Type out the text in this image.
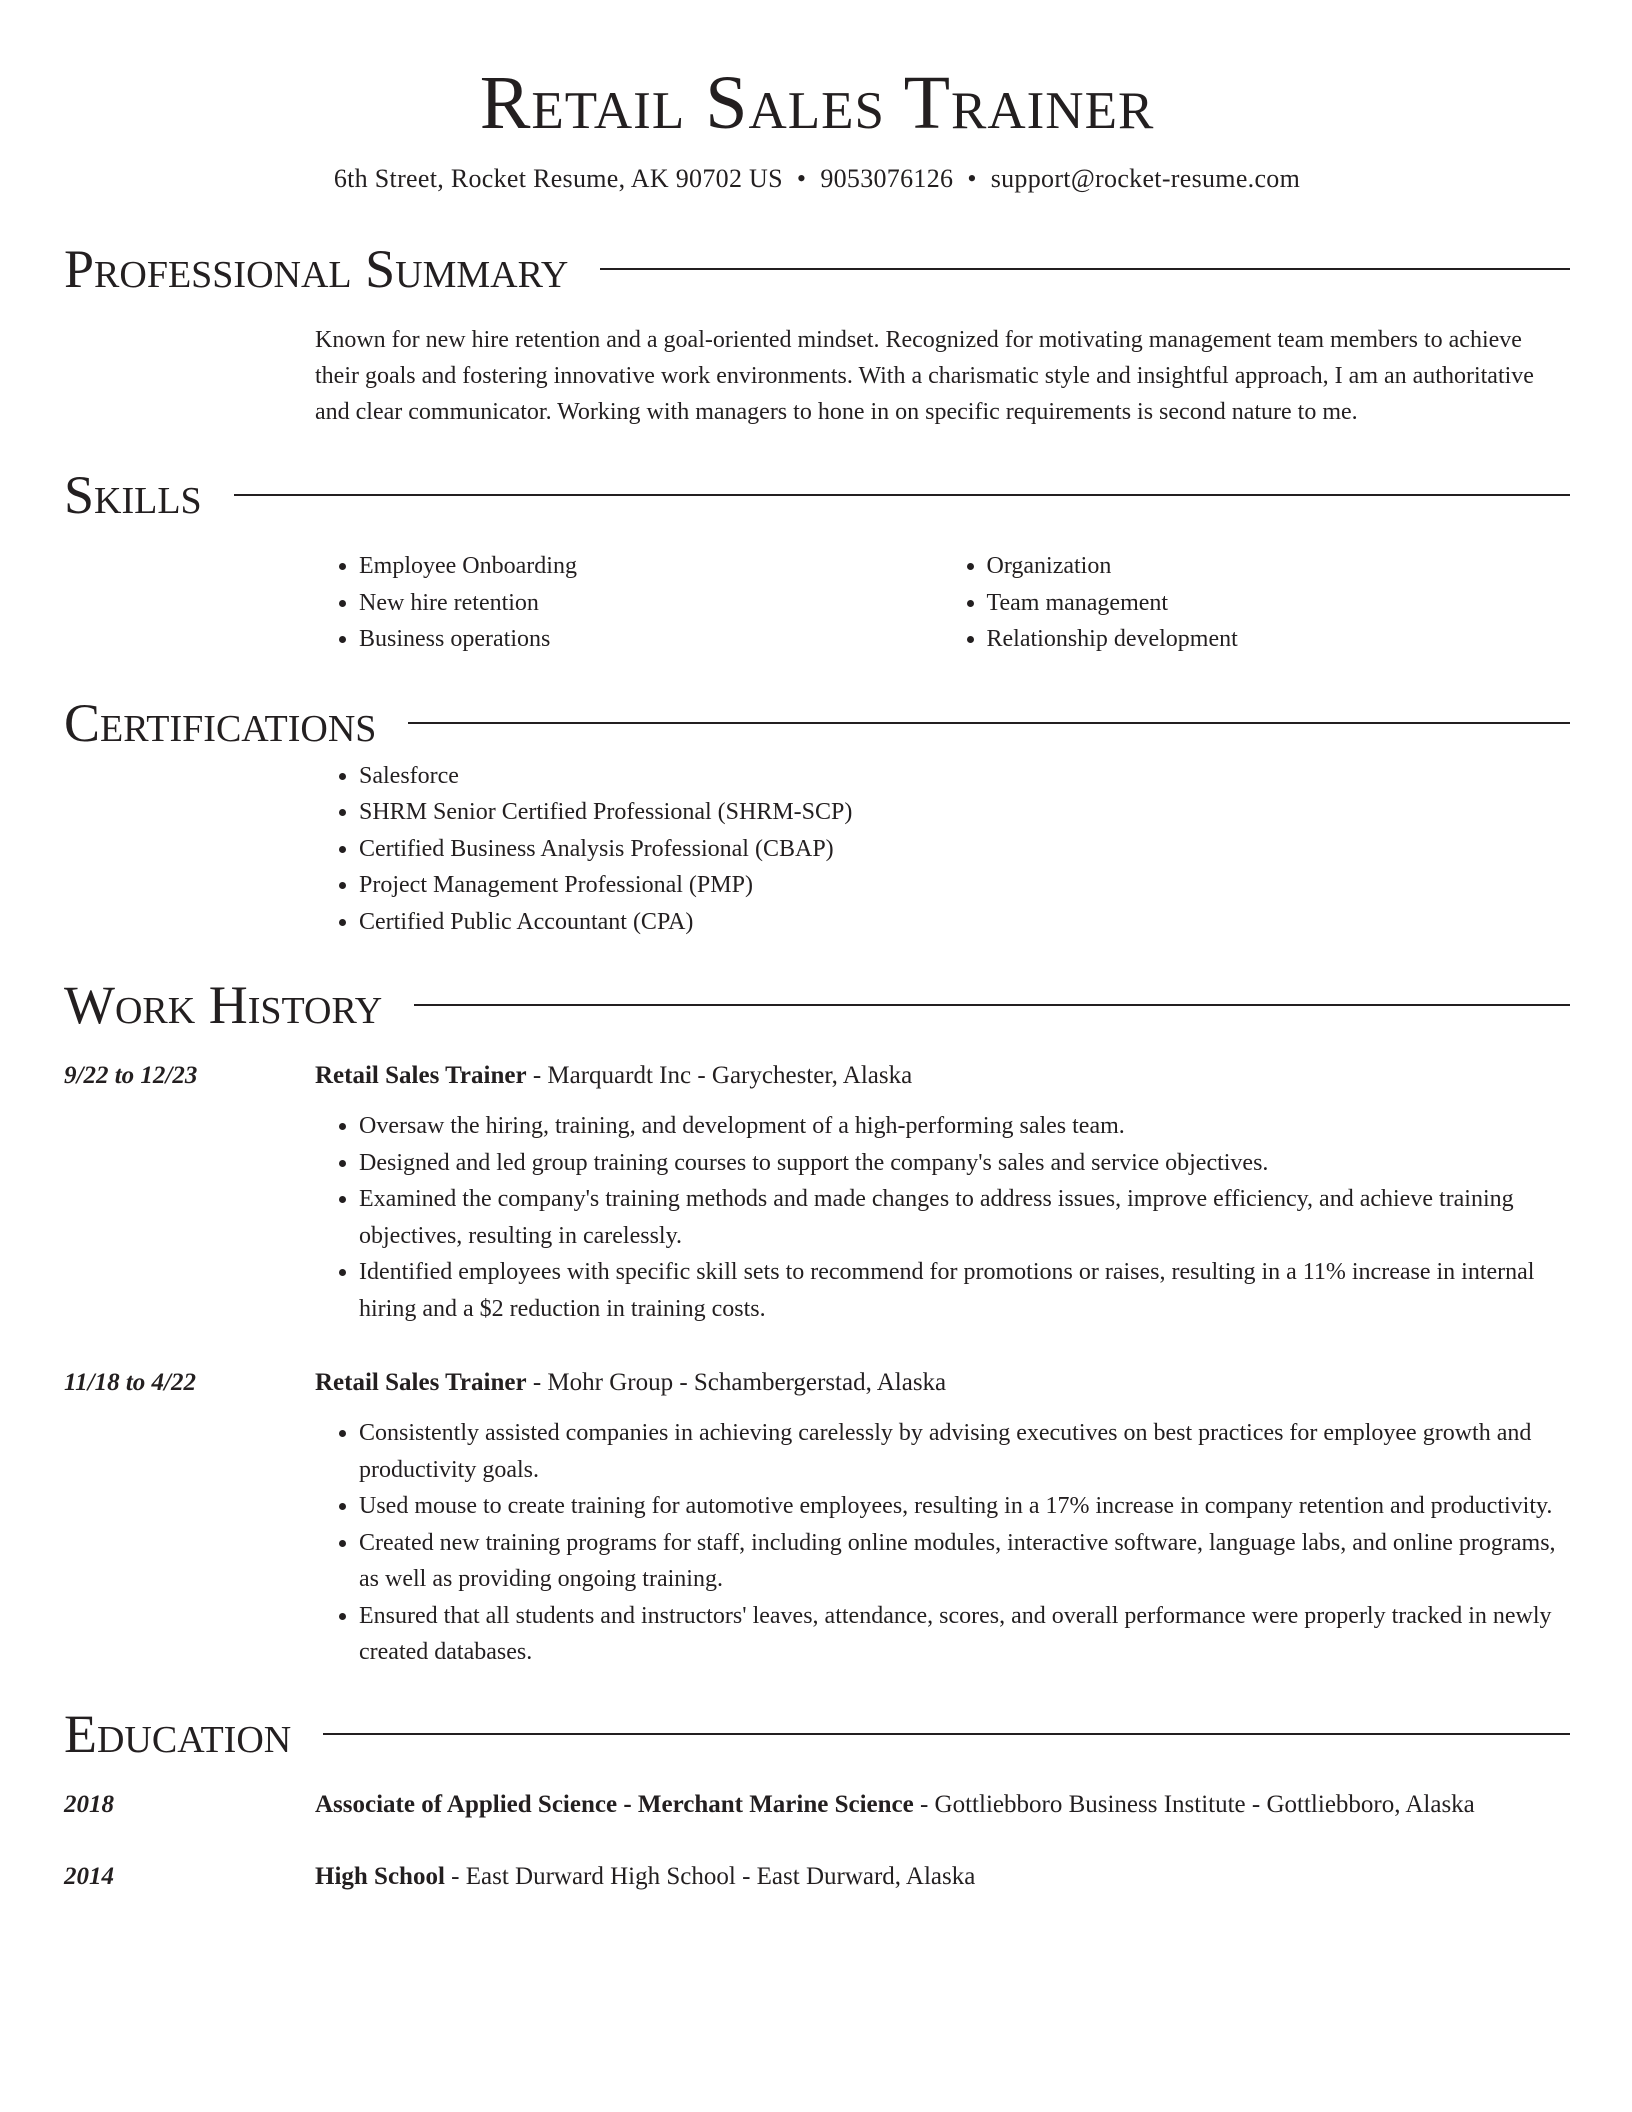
Retail Sales Trainer
6th Street, Rocket Resume, AK 90702 US • 9053076126 • support@rocket-resume.com
Professional Summary

Known for new hire retention and a goal-oriented mindset. Recognized for motivating management team members to achieve their goals and fostering innovative work environments. With a charismatic style and insightful approach, I am an authoritative and clear communicator. Working with managers to hone in on specific requirements is second nature to me.

Skills
• Employee Onboarding
• New hire retention
• Business operations
• Organization
• Team management
• Relationship development
Certifications
• Salesforce
• SHRM Senior Certified Professional (SHRM-SCP)
• Certified Business Analysis Professional (CBAP)
• Project Management Professional (PMP)
• Certified Public Accountant (CPA)
Work History
9/22 to 12/23	Retail Sales Trainer - Marquardt Inc - Garychester, Alaska
• Oversaw the hiring, training, and development of a high-performing sales team.
• Designed and led group training courses to support the company's sales and service objectives.
• Examined the company's training methods and made changes to address issues, improve efficiency, and achieve training objectives, resulting in carelessly.
• Identified employees with specific skill sets to recommend for promotions or raises, resulting in a 11% increase in internal hiring and a $2 reduction in training costs.
11/18 to 4/22	Retail Sales Trainer - Mohr Group - Schambergerstad, Alaska
• Consistently assisted companies in achieving carelessly by advising executives on best practices for employee growth and productivity goals.
• Used mouse to create training for automotive employees, resulting in a 17% increase in company retention and productivity.
• Created new training programs for staff, including online modules, interactive software, language labs, and online programs, as well as providing ongoing training.
• Ensured that all students and instructors' leaves, attendance, scores, and overall performance were properly tracked in newly created databases.
Education
2018	Associate of Applied Science - Merchant Marine Science - Gottliebboro Business Institute - Gottliebboro, Alaska
2014	High School - East Durward High School - East Durward, Alaska
